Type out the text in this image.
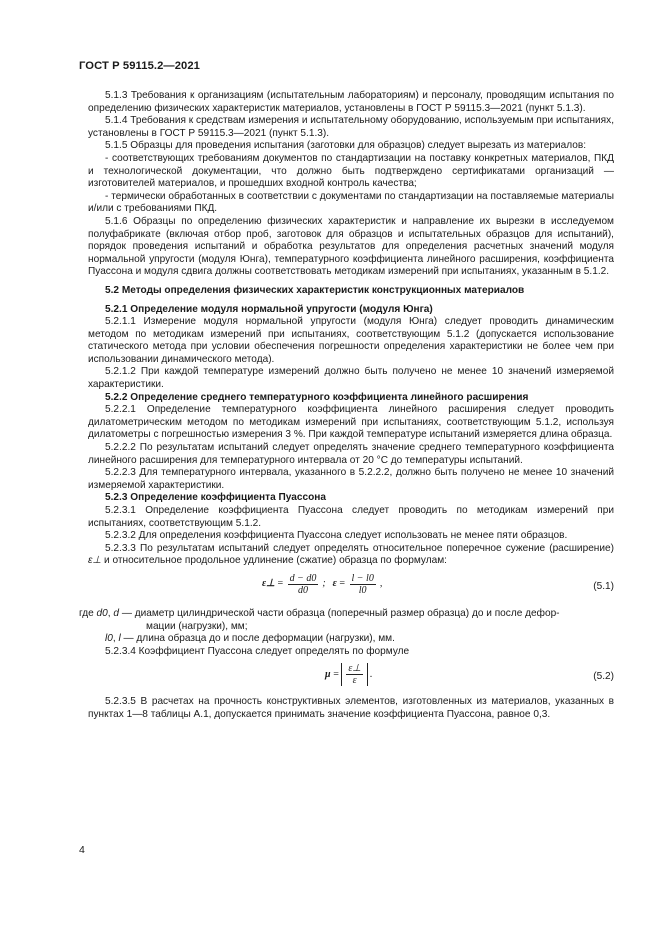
ГОСТ Р 59115.2—2021

5.1.3 Требования к организациям (испытательным лабораториям) и персоналу, проводящим испытания по определению физических характеристик материалов, установлены в ГОСТ Р 59115.3—2021 (пункт 5.1.3).

5.1.4 Требования к средствам измерения и испытательному оборудованию, используемым при испытаниях, установлены в ГОСТ Р 59115.3—2021 (пункт 5.1.3).

5.1.5 Образцы для проведения испытания (заготовки для образцов) следует вырезать из материалов:

- соответствующих требованиям документов по стандартизации на поставку конкретных материалов, ПКД и технологической документации, что должно быть подтверждено сертификатами организаций — изготовителей материалов, и прошедших входной контроль качества;

- термически обработанных в соответствии с документами по стандартизации на поставляемые материалы и/или с требованиями ПКД.

5.1.6 Образцы по определению физических характеристик и направление их вырезки в исследуемом полуфабрикате (включая отбор проб, заготовок для образцов и испытательных образцов для испытаний), порядок проведения испытаний и обработка результатов для определения расчетных значений модуля нормальной упругости (модуля Юнга), температурного коэффициента линейного расширения, коэффициента Пуассона и модуля сдвига должны соответствовать методикам измерений при испытаниях, указанным в 5.1.2.

5.2 Методы определения физических характеристик конструкционных материалов

5.2.1 Определение модуля нормальной упругости (модуля Юнга)

5.2.1.1 Измерение модуля нормальной упругости (модуля Юнга) следует проводить динамическим методом по методикам измерений при испытаниях, соответствующим 5.1.2 (допускается использование статического метода при условии обеспечения погрешности определения характеристики не более чем при использовании динамического метода).

5.2.1.2 При каждой температуре измерений должно быть получено не менее 10 значений измеряемой характеристики.

5.2.2 Определение среднего температурного коэффициента линейного расширения

5.2.2.1 Определение температурного коэффициента линейного расширения следует проводить дилатометрическим методом по методикам измерений при испытаниях, соответствующим 5.1.2, используя дилатометры с погрешностью измерения 3 %. При каждой температуре испытаний измеряется длина образца.

5.2.2.2 По результатам испытаний следует определять значение среднего температурного коэффициента линейного расширения для температурного интервала от 20 °С до температуры испытаний.

5.2.2.3 Для температурного интервала, указанного в 5.2.2.2, должно быть получено не менее 10 значений измеряемой характеристики.

5.2.3 Определение коэффициента Пуассона

5.2.3.1 Определение коэффициента Пуассона следует проводить по методикам измерений при испытаниях, соответствующим 5.1.2.

5.2.3.2 Для определения коэффициента Пуассона следует использовать не менее пяти образцов.

5.2.3.3 По результатам испытаний следует определять относительное поперечное сужение (расширение) ε⊥ и относительное продольное удлинение (сжатие) образца по формулам:

ε⊥ = $\frac{d - d0}{d0}$ ; $\varepsilon = \frac{l - l0}{l0}$ ,	(5.1)

где d0, d — диаметр цилиндрической части образца (поперечный размер образца) до и после дефор-

мации (нагрузки), мм;

l0, l — длина образца до и после деформации (нагрузки), мм.

5.2.3.4 Коэффициент Пуассона следует определять по формуле

$\mu = \frac{\varepsilon\perp}{\varepsilon}$ .	(5.2)

5.2.3.5 В расчетах на прочность конструктивных элементов, изготовленных из материалов, указанных в пунктах 1—8 таблицы А.1, допускается принимать значение коэффициента Пуассона, равное 0,3.

4
